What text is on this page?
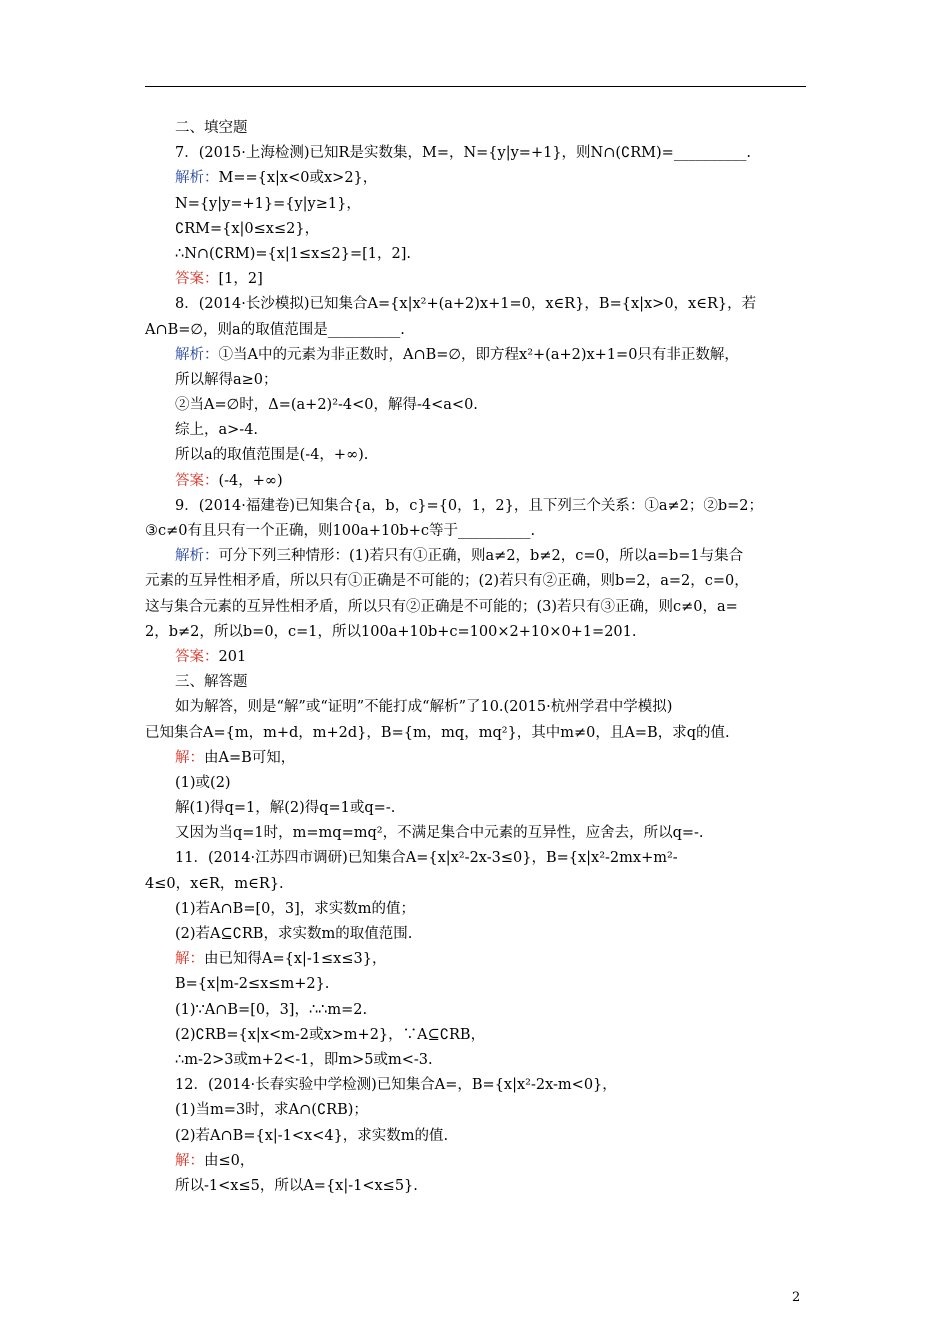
二、填空题
7．(2015·上海检测)已知R是实数集，M=，N={y|y=+1}，则N∩(∁RM)=__________.
解析：M=={x|x<0或x>2}，
N={y|y=+1}={y|y≥1}，
∁RM={x|0≤x≤2}，
∴N∩(∁RM)={x|1≤x≤2}=[1，2].
答案：[1，2]
8．(2014·长沙模拟)已知集合A={x|x²+(a+2)x+1=0，x∈R}，B={x|x>0，x∈R}，若
A∩B=∅，则a的取值范围是__________.
解析：①当A中的元素为非正数时，A∩B=∅，即方程x²+(a+2)x+1=0只有非正数解，
所以解得a≥0；
②当A=∅时，Δ=(a+2)²-4<0，解得-4<a<0.
综上，a>-4.
所以a的取值范围是(-4，+∞).
答案：(-4，+∞)
9．(2014·福建卷)已知集合{a，b，c}={0，1，2}，且下列三个关系：①a≠2；②b=2；
③c≠0有且只有一个正确，则100a+10b+c等于__________.
解析：可分下列三种情形：(1)若只有①正确，则a≠2，b≠2，c=0，所以a=b=1与集合
元素的互异性相矛盾，所以只有①正确是不可能的；(2)若只有②正确，则b=2，a=2，c=0，
这与集合元素的互异性相矛盾，所以只有②正确是不可能的；(3)若只有③正确，则c≠0，a=
2，b≠2，所以b=0，c=1，所以100a+10b+c=100×2+10×0+1=201.
答案：201
三、解答题
如为解答，则是“解”或“证明”不能打成“解析”了10.(2015·杭州学君中学模拟)
已知集合A={m，m+d，m+2d}，B={m，mq，mq²}，其中m≠0，且A=B，求q的值.
解：由A=B可知，
(1)或(2)
解(1)得q=1，解(2)得q=1或q=-.
又因为当q=1时，m=mq=mq²，不满足集合中元素的互异性，应舍去，所以q=-.
11．(2014·江苏四市调研)已知集合A={x|x²-2x-3≤0}，B={x|x²-2mx+m²-
4≤0，x∈R，m∈R}.
(1)若A∩B=[0，3]，求实数m的值；
(2)若A⊆∁RB，求实数m的取值范围.
解：由已知得A={x|-1≤x≤3}，
B={x|m-2≤x≤m+2}.
(1)∵A∩B=[0，3]，∴∴m=2.
(2)∁RB={x|x<m-2或x>m+2}，∵A⊆∁RB，
∴m-2>3或m+2<-1，即m>5或m<-3.
12．(2014·长春实验中学检测)已知集合A=，B={x|x²-2x-m<0}，
(1)当m=3时，求A∩(∁RB)；
(2)若A∩B={x|-1<x<4}，求实数m的值.
解：由≤0，
所以-1<x≤5，所以A={x|-1<x≤5}.
2
